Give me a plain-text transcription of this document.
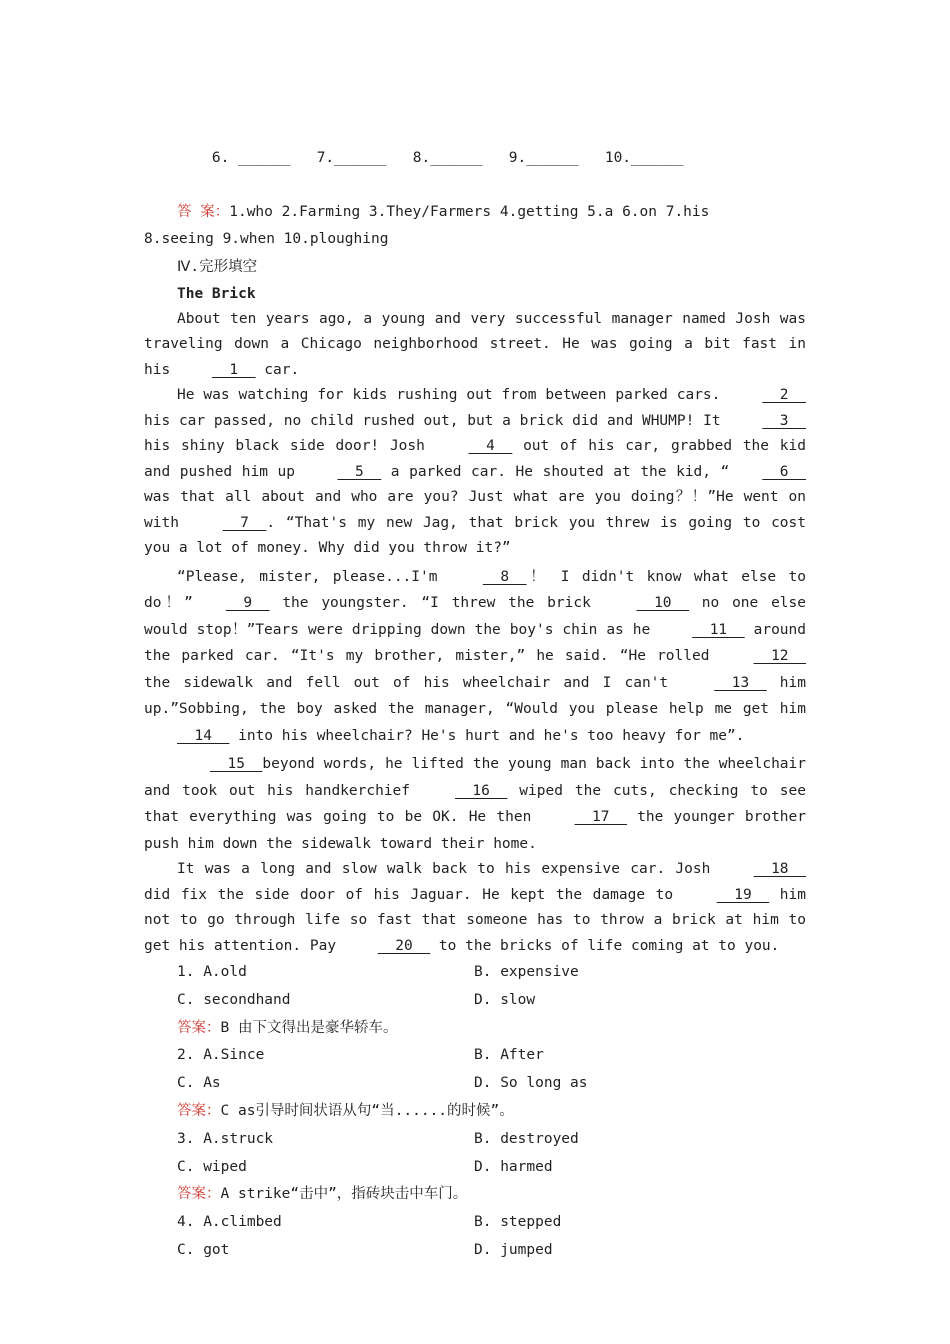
6. ______ 7.______ 8.______ 9.______ 10.______

答 案：1.who 2.Farming 3.They/Farmers 4.getting 5.a 6.on 7.his
8.seeing 9.when 10.ploughing
Ⅳ.完形填空
The Brick

About ten years ago, a young and very successful manager named Josh was traveling down a Chicago neighborhood street. He was going a bit fast in his __1__ car.

He was watching for kids rushing out from between parked cars. __2__ his car passed, no child rushed out, but a brick did and WHUMP! It __3__his shiny black side door! Josh __4__ out of his car, grabbed the kid and pushed him up __5__ a parked car. He shouted at the kid, “ __6__was that all about and who are you? Just what are you doing？！”He went on with __7__. “That's my new Jag, that brick you threw is going to cost you a lot of money. Why did you throw it?”

“Please, mister, please...I'm __8__！ I didn't know what else to do！” __9__ the youngster. “I threw the brick __10__ no one else would stop！”Tears were dripping down the boy's chin as he __11__ around the parked car. “It's my brother, mister,” he said. “He rolled __12__ the sidewalk and fell out of his wheelchair and I can't __13__ him up.”Sobbing, the boy asked the manager, “Would you please help me get him __14__ into his wheelchair? He's hurt and he's too heavy for me”.

__15__beyond words, he lifted the young man back into the wheelchair and took out his handkerchief __16__ wiped the cuts, checking to see that everything was going to be OK. He then __17__ the younger brother push him down the sidewalk toward their home.

It was a long and slow walk back to his expensive car. Josh __18__ did fix the side door of his Jaguar. He kept the damage to __19__ him not to go through life so fast that someone has to throw a brick at him to get his attention. Pay __20__ to the bricks of life coming at to you.

1. A.old	B. expensive
C. secondhand	D. slow
答案：B 由下文得出是豪华轿车。
2. A.Since	B. After
C. As	D. So long as
答案：C as引导时间状语从句“当......的时候”。
3. A.struck	B. destroyed
C. wiped	D. harmed
答案：A strike“击中”，指砖块击中车门。
4. A.climbed	B. stepped
C. got	D. jumped
